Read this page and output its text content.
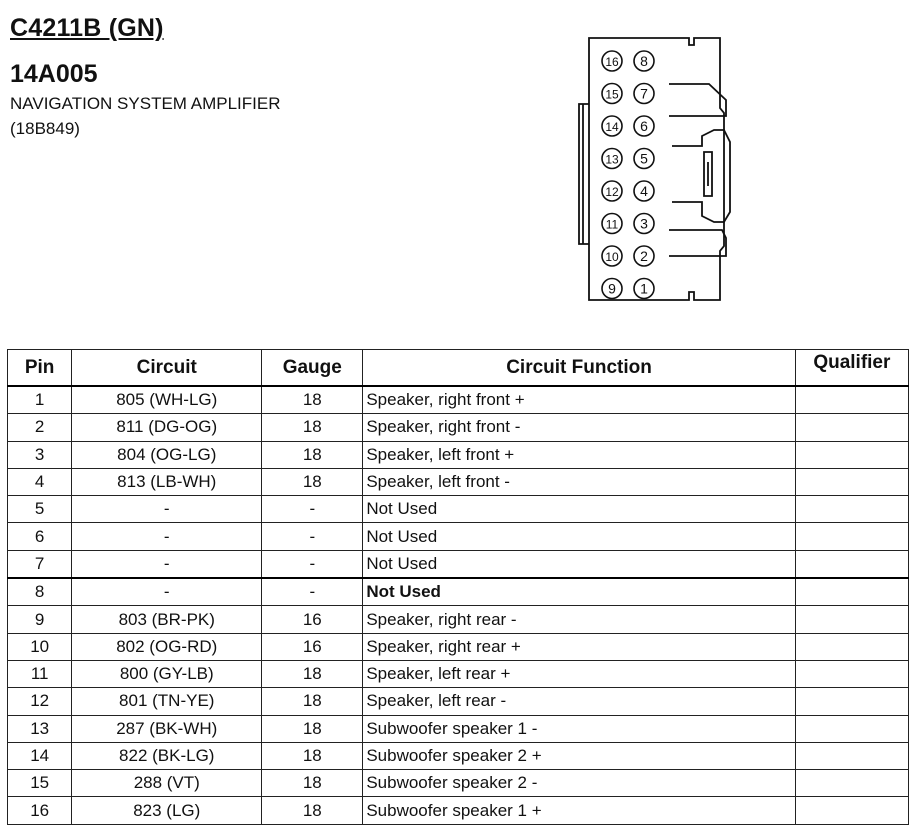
C4211B (GN)
14A005

NAVIGATION SYSTEM AMPLIFIER

(18B849)

16 8
15 7
14 6
13 5
12 4
11 3
10 2
9 1
Pin	Circuit	Gauge	Circuit Function	Qualifier
1	805 (WH-LG)	18	Speaker, right front +	
2	811 (DG-OG)	18	Speaker, right front -	
3	804 (OG-LG)	18	Speaker, left front +	
4	813 (LB-WH)	18	Speaker, left front -	
5	-	-	Not Used	
6	-	-	Not Used	
7	-	-	Not Used	
8	-	-	Not Used	
9	803 (BR-PK)	16	Speaker, right rear -	
10	802 (OG-RD)	16	Speaker, right rear +	
11	800 (GY-LB)	18	Speaker, left rear +	
12	801 (TN-YE)	18	Speaker, left rear -	
13	287 (BK-WH)	18	Subwoofer speaker 1 -	
14	822 (BK-LG)	18	Subwoofer speaker 2 +	
15	288 (VT)	18	Subwoofer speaker 2 -	
16	823 (LG)	18	Subwoofer speaker 1 +	
